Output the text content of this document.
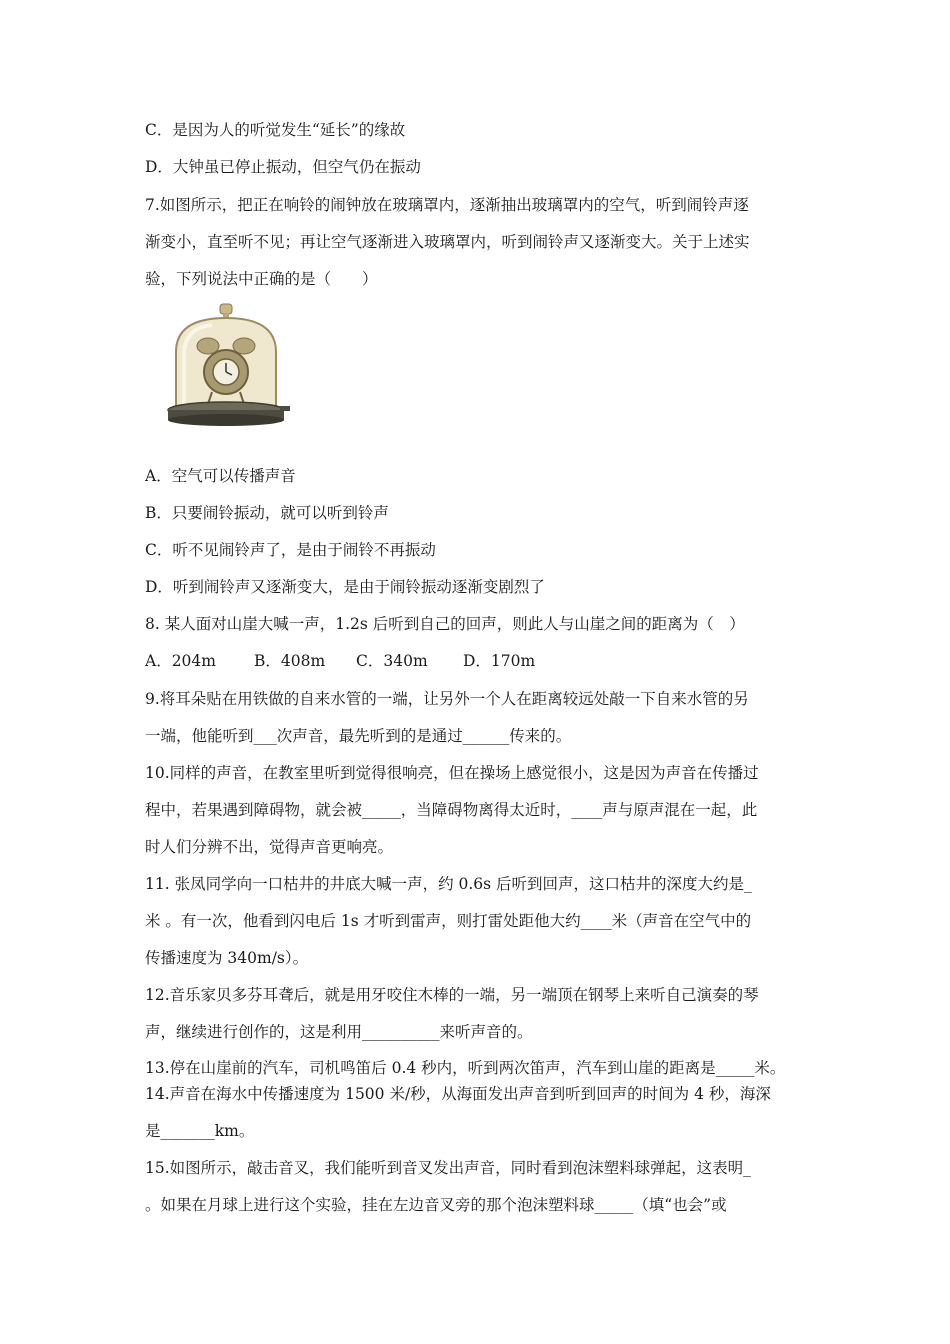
C．是因为人的听觉发生“延长”的缘故
D．大钟虽已停止振动，但空气仍在振动
7.如图所示，把正在响铃的闹钟放在玻璃罩内，逐渐抽出玻璃罩内的空气，听到闹铃声逐
渐变小，直至听不见；再让空气逐渐进入玻璃罩内，听到闹铃声又逐渐变大。关于上述实
验，下列说法中正确的是（　　）
A．空气可以传播声音
B．只要闹铃振动，就可以听到铃声
C．听不见闹铃声了，是由于闹铃不再振动
D．听到闹铃声又逐渐变大，是由于闹铃振动逐渐变剧烈了
8. 某人面对山崖大喊一声，1.2s 后听到自己的回声，则此人与山崖之间的距离为（　）
A．204m B．408m C．340m D．170m
9.将耳朵贴在用铁做的自来水管的一端，让另外一个人在距离较远处敲一下自来水管的另
一端，他能听到___次声音，最先听到的是通过______传来的。
10.同样的声音，在教室里听到觉得很响亮，但在操场上感觉很小，这是因为声音在传播过
程中，若果遇到障碍物，就会被_____，当障碍物离得太近时，____声与原声混在一起，此
时人们分辨不出，觉得声音更响亮。
11. 张凤同学向一口枯井的井底大喊一声，约 0.6s 后听到回声，这口枯井的深度大约是_
米 。有一次，他看到闪电后 1s 才听到雷声，则打雷处距他大约____米（声音在空气中的
传播速度为 340m/s）。
12.音乐家贝多芬耳聋后，就是用牙咬住木棒的一端，另一端顶在钢琴上来听自己演奏的琴
声，继续进行创作的，这是利用__________来听声音的。
13.停在山崖前的汽车，司机鸣笛后 0.4 秒内，听到两次笛声，汽车到山崖的距离是_____米。
14.声音在海水中传播速度为 1500 米/秒，从海面发出声音到听到回声的时间为 4 秒，海深
是_______km。
15.如图所示，敲击音叉，我们能听到音叉发出声音，同时看到泡沫塑料球弹起，这表明_
。如果在月球上进行这个实验，挂在左边音叉旁的那个泡沫塑料球_____（填“也会”或
